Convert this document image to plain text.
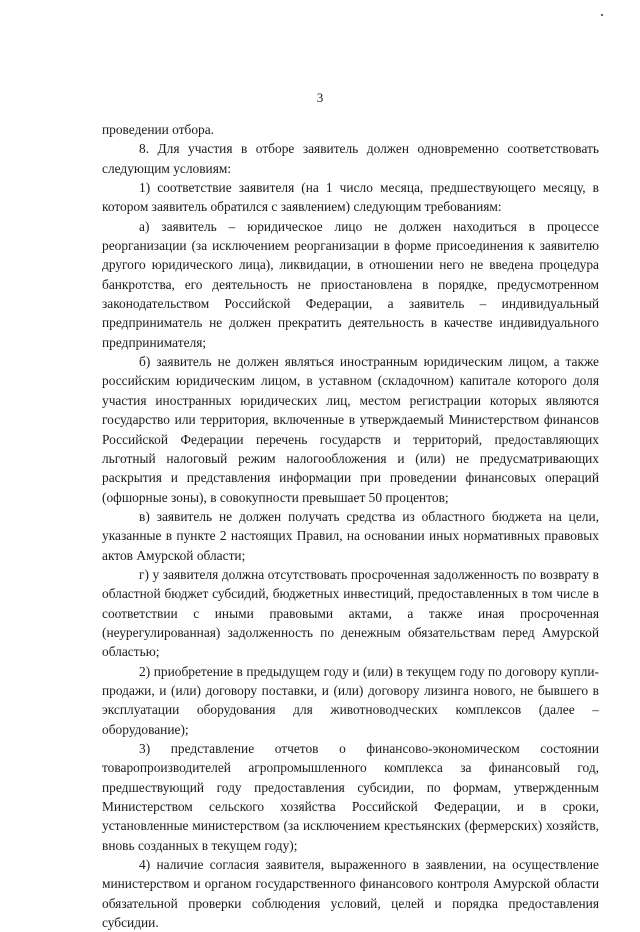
3

проведении отбора.

8. Для участия в отборе заявитель должен одновременно соответствовать следующим условиям:

1) соответствие заявителя (на 1 число месяца, предшествующего месяцу, в котором заявитель обратился с заявлением) следующим требованиям:

а) заявитель – юридическое лицо не должен находиться в процессе реорганизации (за исключением реорганизации в форме присоединения к заявителю другого юридического лица), ликвидации, в отношении него не введена процедура банкротства, его деятельность не приостановлена в порядке, предусмотренном законодательством Российской Федерации, а заявитель – индивидуальный предприниматель не должен прекратить деятельность в качестве индивидуального предпринимателя;

б) заявитель не должен являться иностранным юридическим лицом, а также российским юридическим лицом, в уставном (складочном) капитале которого доля участия иностранных юридических лиц, местом регистрации которых являются государство или территория, включенные в утверждаемый Министерством финансов Российской Федерации перечень государств и территорий, предоставляющих льготный налоговый режим налогообложения и (или) не предусматривающих раскрытия и представления информации при проведении финансовых операций (офшорные зоны), в совокупности превышает 50 процентов;

в) заявитель не должен получать средства из областного бюджета на цели, указанные в пункте 2 настоящих Правил, на основании иных нормативных правовых актов Амурской области;

г) у заявителя должна отсутствовать просроченная задолженность по возврату в областной бюджет субсидий, бюджетных инвестиций, предоставленных в том числе в соответствии с иными правовыми актами, а также иная просроченная (неурегулированная) задолженность по денежным обязательствам перед Амурской областью;

2) приобретение в предыдущем году и (или) в текущем году по договору купли-продажи, и (или) договору поставки, и (или) договору лизинга нового, не бывшего в эксплуатации оборудования для животноводческих комплексов (далее – оборудование);

3) представление отчетов о финансово-экономическом состоянии товаропроизводителей агропромышленного комплекса за финансовый год, предшествующий году предоставления субсидии, по формам, утвержденным Министерством сельского хозяйства Российской Федерации, и в сроки, установленные министерством (за исключением крестьянских (фермерских) хозяйств, вновь созданных в текущем году);

4) наличие согласия заявителя, выраженного в заявлении, на осуществление министерством и органом государственного финансового контроля Амурской области обязательной проверки соблюдения условий, целей и порядка предоставления субсидии.
